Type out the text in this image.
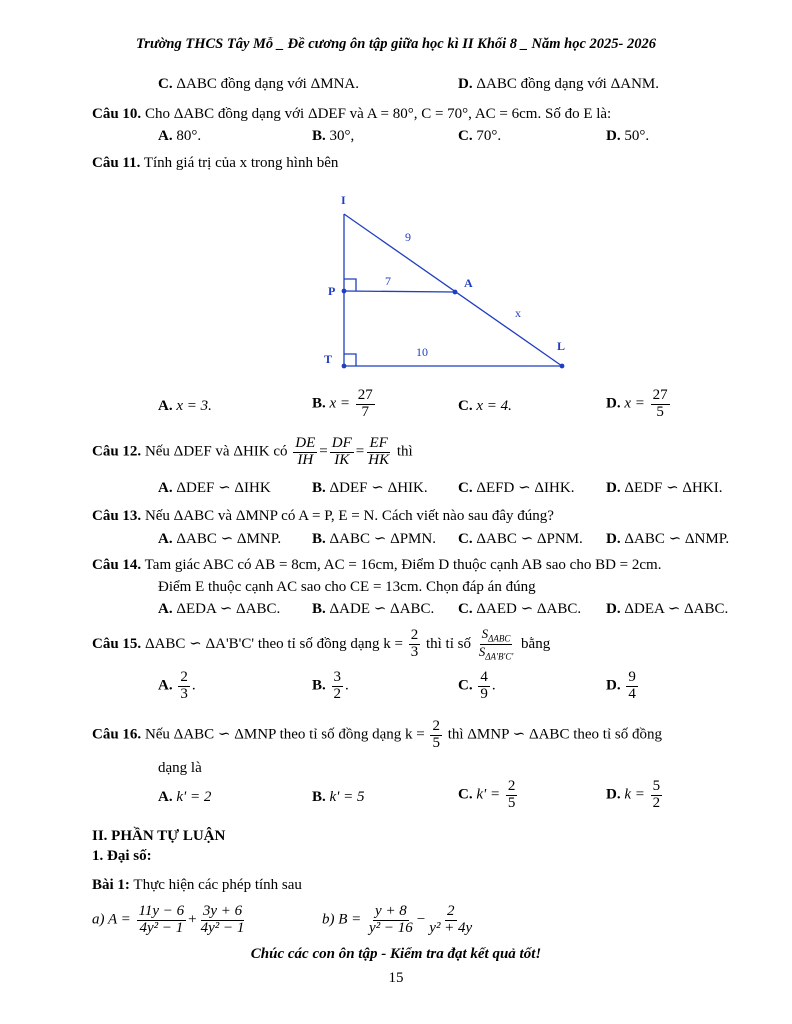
Trường THCS Tây Mỗ _ Đề cương ôn tập giữa học kì II Khối 8 _ Năm học 2025- 2026
C. ΔABC đồng dạng với ΔMNA.	D. ΔABC đồng dạng với ΔANM.
Câu 10. Cho ΔABC đồng dạng với ΔDEF và A = 80°, C = 70°, AC = 6cm. Số đo E là:
A. 80°.	B. 30°,	C. 70°.	D. 50°.
Câu 11. Tính giá trị của x trong hình bên
I
P
T
A
L
9
7
10
x
A. x = 3.	B. $x = \frac{27}{7}$	C. x = 4.	D. $x = \frac{27}{5}$
Câu 12. Nếu ΔDEF và ΔHIK có $\frac{DE}{IH} = \frac{DF}{IK} = \frac{EF}{HK}$ thì
A. ΔDEF ∽ ΔIHK	B. ΔDEF ∽ ΔHIK. C. ΔEFD ∽ ΔIHK. D. ΔEDF ∽ ΔHKI.
Câu 13. Nếu ΔABC và ΔMNP có A = P, E = N. Cách viết nào sau đây đúng?
A. ΔABC ∽ ΔMNP. B. ΔABC ∽ ΔPMN. C. ΔABC ∽ ΔPNM. D. ΔABC ∽ ΔNMP.
Câu 14. Tam giác ABC có AB = 8cm, AC = 16cm, Điểm D thuộc cạnh AB sao cho BD = 2cm.
Điểm E thuộc cạnh AC sao cho CE = 13cm. Chọn đáp án đúng
A. ΔEDA ∽ ΔABC. B. ΔADE ∽ ΔABC. C. ΔAED ∽ ΔABC. D. ΔDEA ∽ ΔABC.
Câu 15. ΔABC ∽ ΔA'B'C' theo tỉ số đồng dạng $k = \frac{2}{3}$ thì tỉ số $\frac{S_{\Delta ABC}}{S_{\Delta A'B'C'}}$ bằng
A. $\frac{2}{3}$ .	B. $\frac{3}{2}$ .	C. $\frac{4}{9}$ .	D. $\frac{9}{4}$
Câu 16. Nếu ΔABC ∽ ΔMNP theo tỉ số đồng dạng $k = \frac{2}{5}$ thì ΔMNP ∽ ΔABC theo tỉ số đồng
dạng là
A. k' = 2	B. k' = 5	C. $k' = \frac{2}{5}$	D. $k = \frac{5}{2}$
II. PHẦN TỰ LUẬN
1. Đại số:
Bài 1: Thực hiện các phép tính sau
a) $A = \frac{11y - 6}{\text{4y² − 1}} + \frac{3y + 6}{\text{4y² − 1}}$	b) $B = \frac{y + 8}{\text{y² − 16}} - \frac{2}{\text{y² + 4y}}$
Chúc các con ôn tập - Kiểm tra đạt kết quả tốt!
15
